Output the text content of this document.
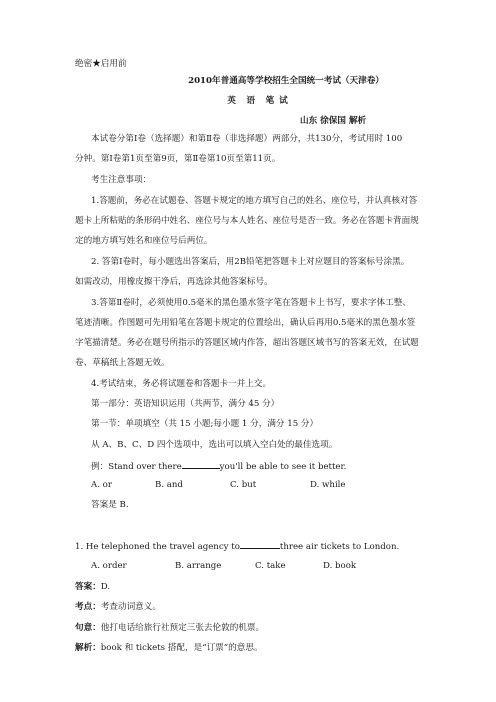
绝密★启用前
2010年普通高等学校招生全国统一考试（天津卷）
英　语　笔 试
山东 徐保国 解析
本试卷分第Ⅰ卷（选择题）和第Ⅱ卷（非选择题）两部分，共130分，考试用时 100
分钟。第Ⅰ卷第1页至第9页，第Ⅱ卷第10页至第11页。
考生注意事项：
1.答题前，务必在试题卷、答题卡规定的地方填写自己的姓名、座位号，并认真核对答
题卡上所粘贴的条形码中姓名、座位号与本人姓名、座位号是否一致。务必在答题卡背面规
定的地方填写姓名和座位号后两位。
2. 答第Ⅰ卷时，每小题选出答案后，用2B铅笔把答题卡上对应题目的答案标号涂黑。
如需改动，用橡皮擦干净后，再选涂其他答案标号。
3.答第Ⅱ卷时，必须使用0.5毫米的黑色墨水签字笔在答题卡上书写，要求字体工整、
笔迹清晰。作图题可先用铅笔在答题卡规定的位置绘出，确认后再用0.5毫米的黑色墨水签
字笔描清楚。务必在题号所指示的答题区域内作答，超出答题区域书写的答案无效，在试题
卷、草稿纸上答题无效。
4.考试结束，务必将试题卷和答题卡一并上交。
第一部分：英语知识运用（共两节，满分 45 分）
第一节：单项填空（共 15 小题;每小题 1 分，满分 15 分）
从 A、B、C、D 四个选项中，选出可以填入空白处的最佳选项。
例：Stand over there	you'll be able to see it better.
A. or	B. and	C. but	D. while
答案是 B.
1. He telephoned the travel agency to	three air tickets to London.
A. order	B. arrange	C. take	D. book
答案：D.
考点：考查动词意义。
句意：他打电话给旅行社预定三张去伦敦的机票。
解析：book 和 tickets 搭配，是“订票”的意思。
